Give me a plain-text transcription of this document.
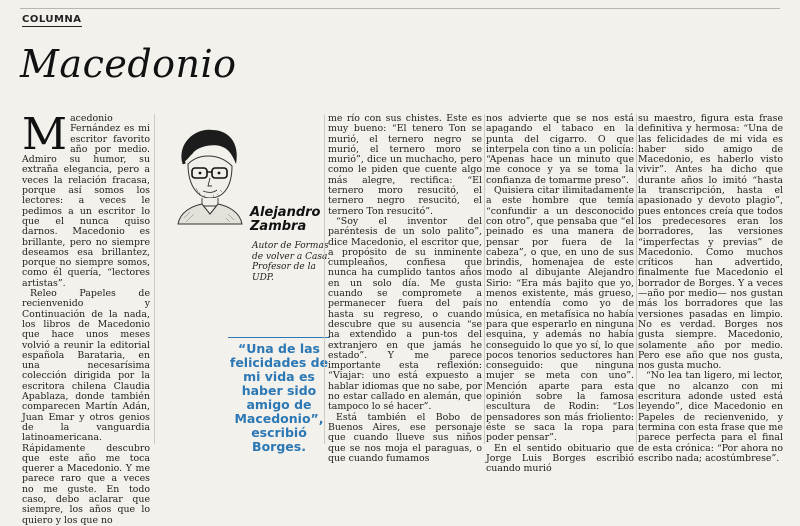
COLUMNA
Macedonio
M acedonio Fernández es mi escritor favorito año por medio. Admiro su humor, su extraña elegancia, pero a veces la relación fracasa, porque así somos los lectores: a veces le pedimos a un escritor lo que el nunca quiso darnos. Macedonio es brillante, pero no siempre deseamos esa brillantez, porque no siempre somos, como él quería, “lectores artistas”.

Releo Papeles de recienvenido y Continuación de la nada, los libros de Macedonio que hace unos meses volvió a reunir la editorial española Barataria, en una necesarísima colección dirigida por la escritora chilena Claudia Apablaza, donde también comparecen Martín Adán, Juan Emar y otros genios de la vanguardia latinoamericana. Rápidamente descubro que este año me toca querer a Macedonio. Y me parece raro que a veces no me guste. En todo caso, debo aclarar que siempre, los años que lo quiero y los que no

Alejandro Zambra
Autor de Formas de volver a Casa. Profesor de la UDP.
“Una de las felicidades de mi vida es haber sido amigo de Macedonio”, escribió Borges.

me río con sus chistes. Este es muy bueno: “El tenero Ton se murió, el ternero negro se murió, el ternero moro se murió”, dice un muchacho, pero como le piden que cuente algo más alegre, rectifica: “El ternero moro resucitó, el ternero negro resucitó, el ternero Ton resucitó”.

“Soy el inventor del paréntesis de un solo palito”, dice Macedonio, el escritor que, a propósito de su inminente cumpleaños, confiesa que nunca ha cumplido tantos años en un solo día. Me gusta cuando se compromete a permanecer fuera del país hasta su regreso, o cuando descubre que su ausencia “se ha extendido a pun-tos del extranjero en que jamás he estado”. Y me parece importante esta reflexión: “Viajar: uno está expuesto a hablar idiomas que no sabe, por no estar callado en alemán, que tampoco lo sé hacer”.

Está también el Bobo de Buenos Aires, ese personaje que cuando llueve sus niños que se nos moja el paraguas, o que cuando fumamos

nos advierte que se nos está apagando el tabaco en la punta del cigarro. O que interpela con tino a un policía: “Apenas hace un minuto que me conoce y ya se toma la confianza de tomarme preso”.

Quisiera citar ilimitadamente a este hombre que temía “confundir a un desconocido con otro”, que pensaba que “el peinado es una manera de pensar por fuera de la cabeza”, o que, en uno de sus brindis, homenajea de este modo al dibujante Alejandro Sirio: “Era más bajito que yo, menos existente, más grueso, no entendía como yo de música, en metafísica no había para que esperarlo en ninguna esquina, y además no había conseguido lo que yo sí, lo que pocos tenorios seductores han conseguido: que ninguna mujer se meta con uno”. Mención aparte para esta opinión sobre la famosa escultura de Rodin: “Los pensadores son más frioliento: éste se saca la ropa para poder pensar”.

En el sentido obituario que Jorge Luis Borges escribió cuando murió

su maestro, figura esta frase definitiva y hermosa: “Una de las felicidades de mi vida es haber sido amigo de Macedonio, es haberlo visto vivir”. Antes ha dicho que durante años lo imitó “hasta la transcripción, hasta el apasionado y devoto plagio”, pues entonces creía que todos los predecesores eran los borradores, las versiones “imperfectas y previas” de Macedonio. Como muchos críticos han advertido, finalmente fue Macedonio el borrador de Borges. Y a veces —año por medio— nos gustan más los borradores que las versiones pasadas en limpio. No es verdad. Borges nos gusta siempre. Macedonio, solamente año por medio. Pero ese año que nos gusta, nos gusta mucho.

“No lea tan ligero, mi lector, que no alcanzo con mi escritura adonde usted está leyendo”, dice Macedonio en Papeles de recienvenido, y termina con esta frase que me parece perfecta para el final de esta crónica: “Por ahora no escribo nada; acostúmbrese”.
